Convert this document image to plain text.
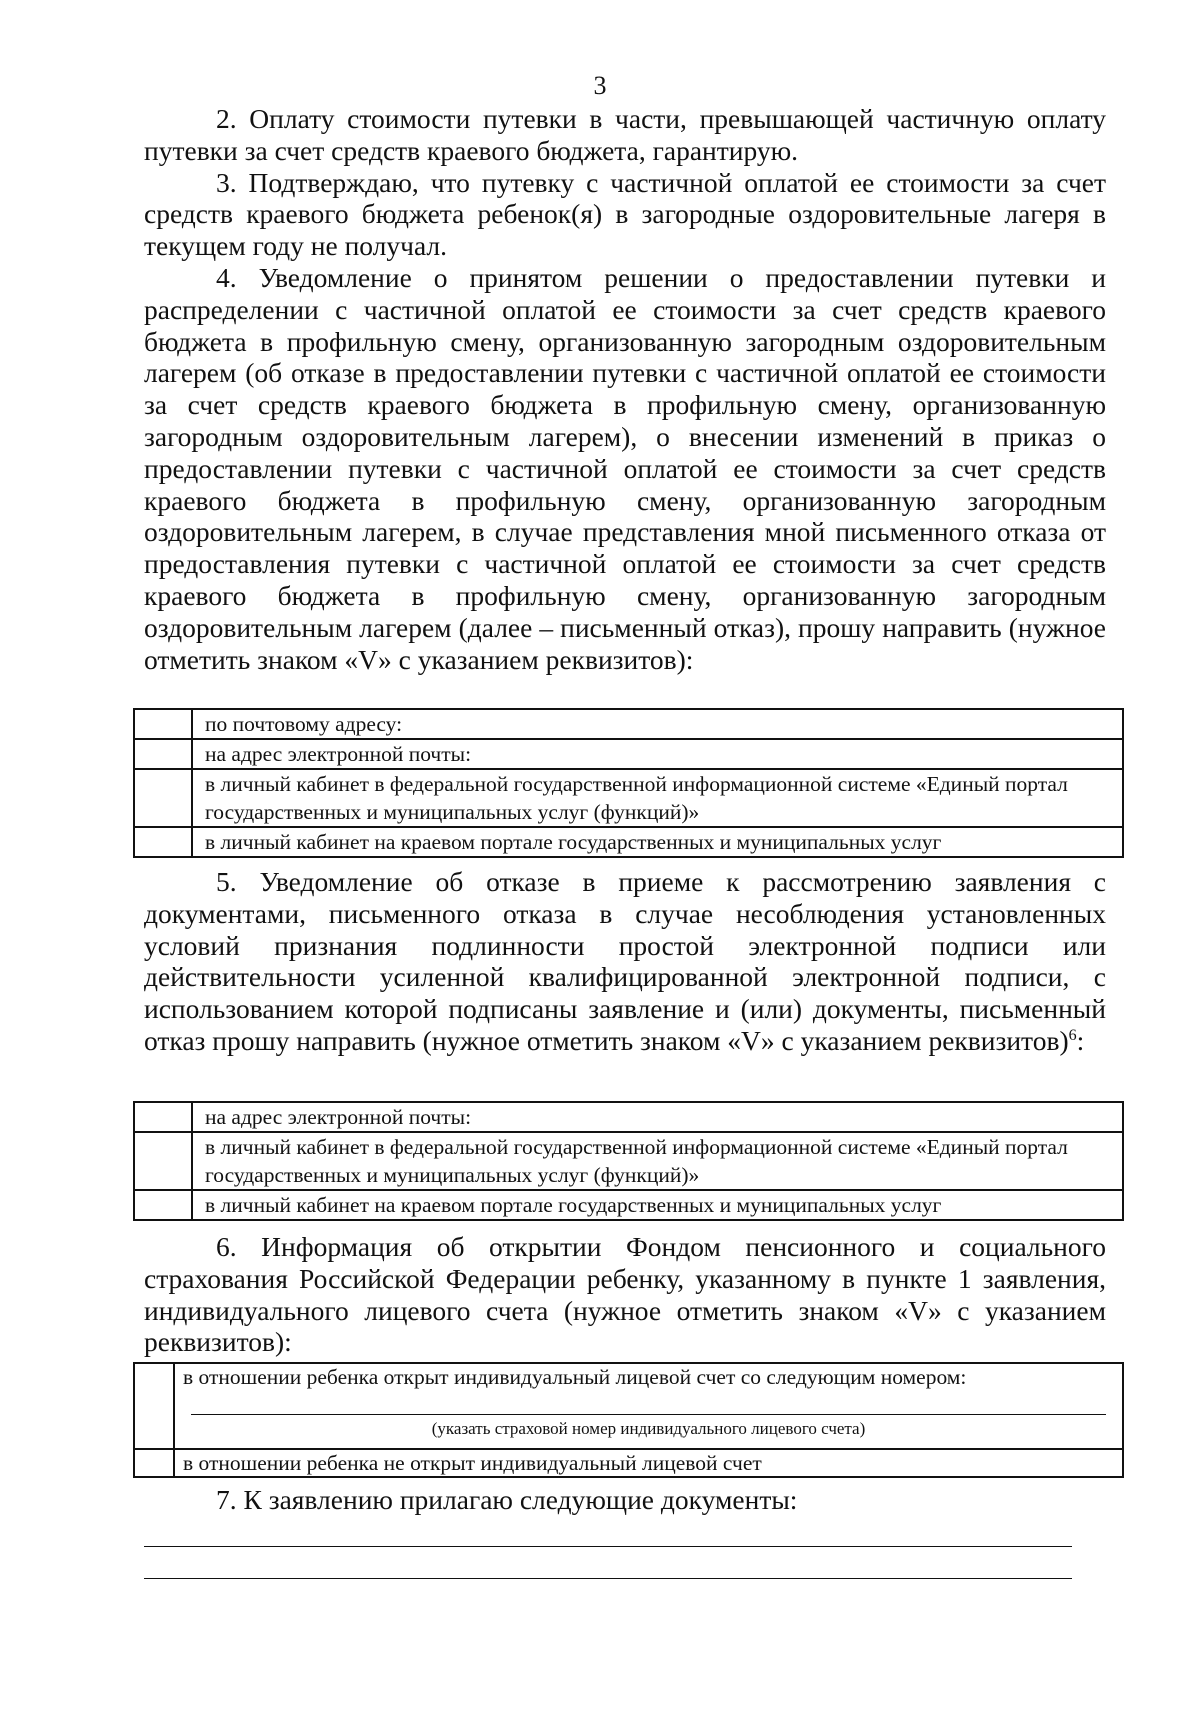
3

2. Оплату стоимости путевки в части, превышающей частичную оплату путевки за счет средств краевого бюджета, гарантирую.

3. Подтверждаю, что путевку с частичной оплатой ее стоимости за счет средств краевого бюджета ребенок(я) в загородные оздоровительные лагеря в текущем году не получал.

4. Уведомление о принятом решении о предоставлении путевки и распределении с частичной оплатой ее стоимости за счет средств краевого бюджета в профильную смену, организованную загородным оздоровительным лагерем (об отказе в предоставлении путевки с частичной оплатой ее стоимости за счет средств краевого бюджета в профильную смену, организованную загородным оздоровительным лагерем), о внесении изменений в приказ о предоставлении путевки с частичной оплатой ее стоимости за счет средств краевого бюджета в профильную смену, организованную загородным оздоровительным лагерем, в случае представления мной письменного отказа от предоставления путевки с частичной оплатой ее стоимости за счет средств краевого бюджета в профильную смену, организованную загородным оздоровительным лагерем (далее – письменный отказ), прошу направить (нужное отметить знаком «V» с указанием реквизитов):

	по почтовому адресу:
	на адрес электронной почты:
	в личный кабинет в федеральной государственной информационной системе «Единый портал государственных и муниципальных услуг (функций)»
	в личный кабинет на краевом портале государственных и муниципальных услуг

5. Уведомление об отказе в приеме к рассмотрению заявления с документами, письменного отказа в случае несоблюдения установленных условий признания подлинности простой электронной подписи или действительности усиленной квалифицированной электронной подписи, с использованием которой подписаны заявление и (или) документы, письменный отказ прошу направить (нужное отметить знаком «V» с указанием реквизитов)$^6$:

	на адрес электронной почты:
	в личный кабинет в федеральной государственной информационной системе «Единый портал государственных и муниципальных услуг (функций)»
	в личный кабинет на краевом портале государственных и муниципальных услуг

6. Информация об открытии Фондом пенсионного и социального страхования Российской Федерации ребенку, указанному в пункте 1 заявления, индивидуального лицевого счета (нужное отметить знаком «V» с указанием реквизитов):

	в отношении ребенка открыт индивидуальный лицевой счет со следующим номером:
(указать страховой номер индивидуального лицевого счета)

	в отношении ребенка не открыт индивидуальный лицевой счет

7. К заявлению прилагаю следующие документы:
